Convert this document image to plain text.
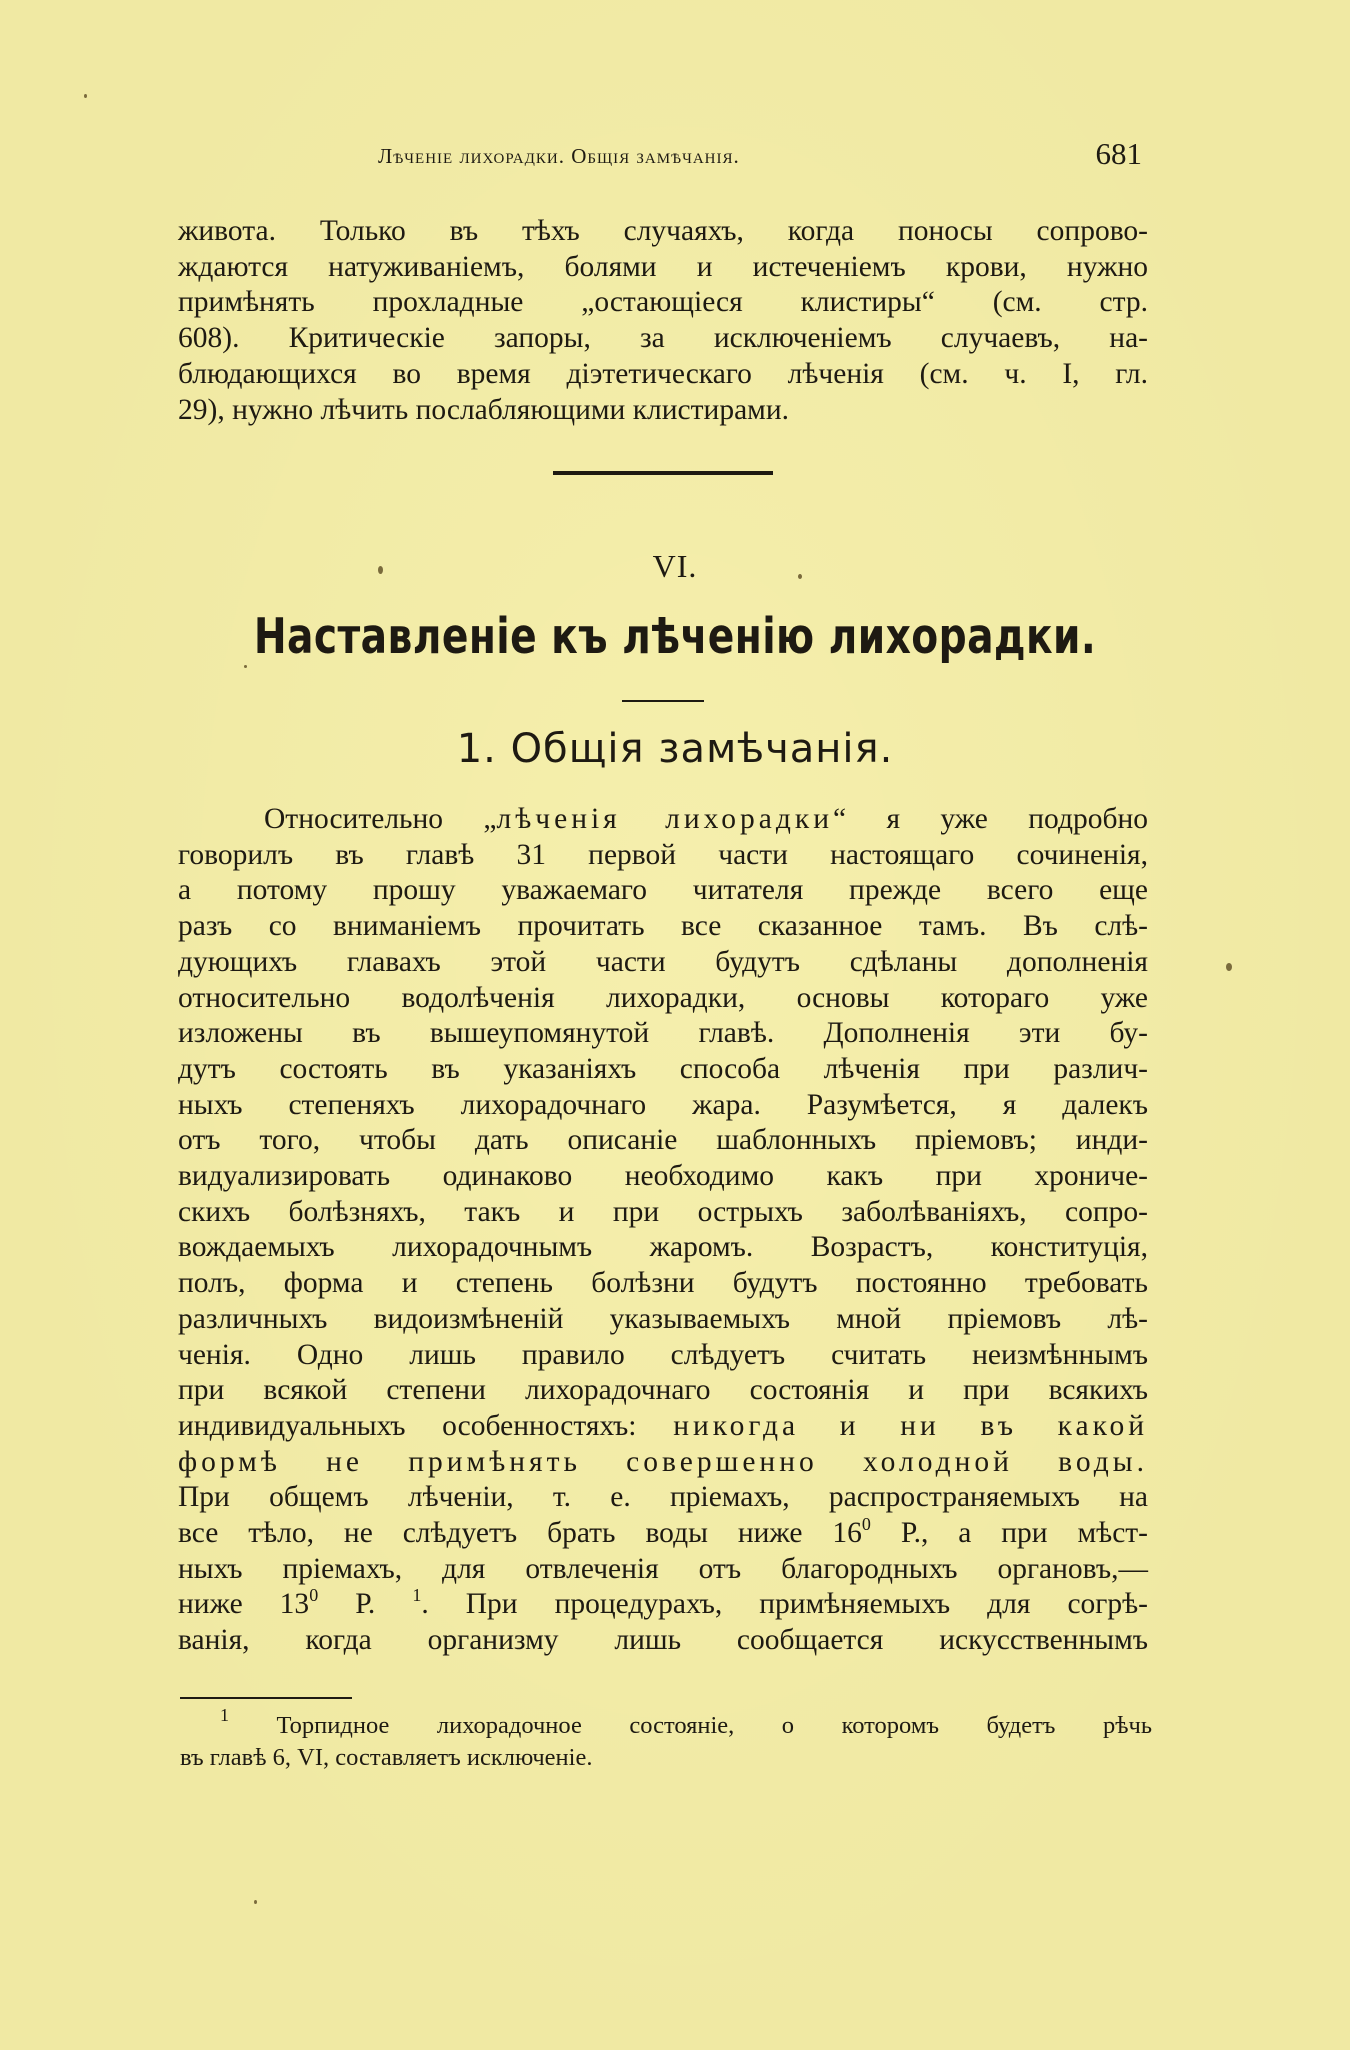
Лѣченіе лихорадки. Общія замѣчанія.	681
живота. Только въ тѣхъ случаяхъ, когда поносы сопрово-
ждаются натуживаніемъ, болями и истеченіемъ крови, нужно
примѣнять прохладные „остающіеся клистиры“ (см. стр.
608). Критическіе запоры, за исключеніемъ случаевъ, на-
блюдающихся во время діэтетическаго лѣченія (см. ч. I, гл.
29), нужно лѣчить послабляющими клистирами.
VI.
Наставленіе къ лѣченію лихорадки.
1. Общія замѣчанія.
Относительно „лѣченія лихорадки“ я уже подробно
говорилъ въ главѣ 31 первой части настоящаго сочиненія,
а потому прошу уважаемаго читателя прежде всего еще
разъ со вниманіемъ прочитать все сказанное тамъ. Въ слѣ-
дующихъ главахъ этой части будутъ сдѣланы дополненія
относительно водолѣченія лихорадки, основы котораго уже
изложены въ вышеупомянутой главѣ. Дополненія эти бу-
дутъ состоять въ указаніяхъ способа лѣченія при различ-
ныхъ степеняхъ лихорадочнаго жара. Разумѣется, я далекъ
отъ того, чтобы дать описаніе шаблонныхъ пріемовъ; инди-
видуализировать одинаково необходимо какъ при хрониче-
скихъ болѣзняхъ, такъ и при острыхъ заболѣваніяхъ, сопро-
вождаемыхъ лихорадочнымъ жаромъ. Возрастъ, конституція,
полъ, форма и степень болѣзни будутъ постоянно требовать
различныхъ видоизмѣненій указываемыхъ мной пріемовъ лѣ-
ченія. Одно лишь правило слѣдуетъ считать неизмѣннымъ
при всякой степени лихорадочнаго состоянія и при всякихъ
индивидуальныхъ особенностяхъ: никогда и ни въ какой
формѣ не примѣнять совершенно холодной воды.
При общемъ лѣченіи, т. е. пріемахъ, распространяемыхъ на
все тѣло, не слѣдуетъ брать воды ниже $16^0$ Р., а при мѣст-
ныхъ пріемахъ, для отвлеченія отъ благородныхъ органовъ,—
ниже $13^0$ Р. $^1$. При процедурахъ, примѣняемыхъ для согрѣ-
ванія, когда организму лишь сообщается искусственнымъ
$^1$ Торпидное лихорадочное состояніе, о которомъ будетъ рѣчь
въ главѣ 6, VI, составляетъ исключеніе.
